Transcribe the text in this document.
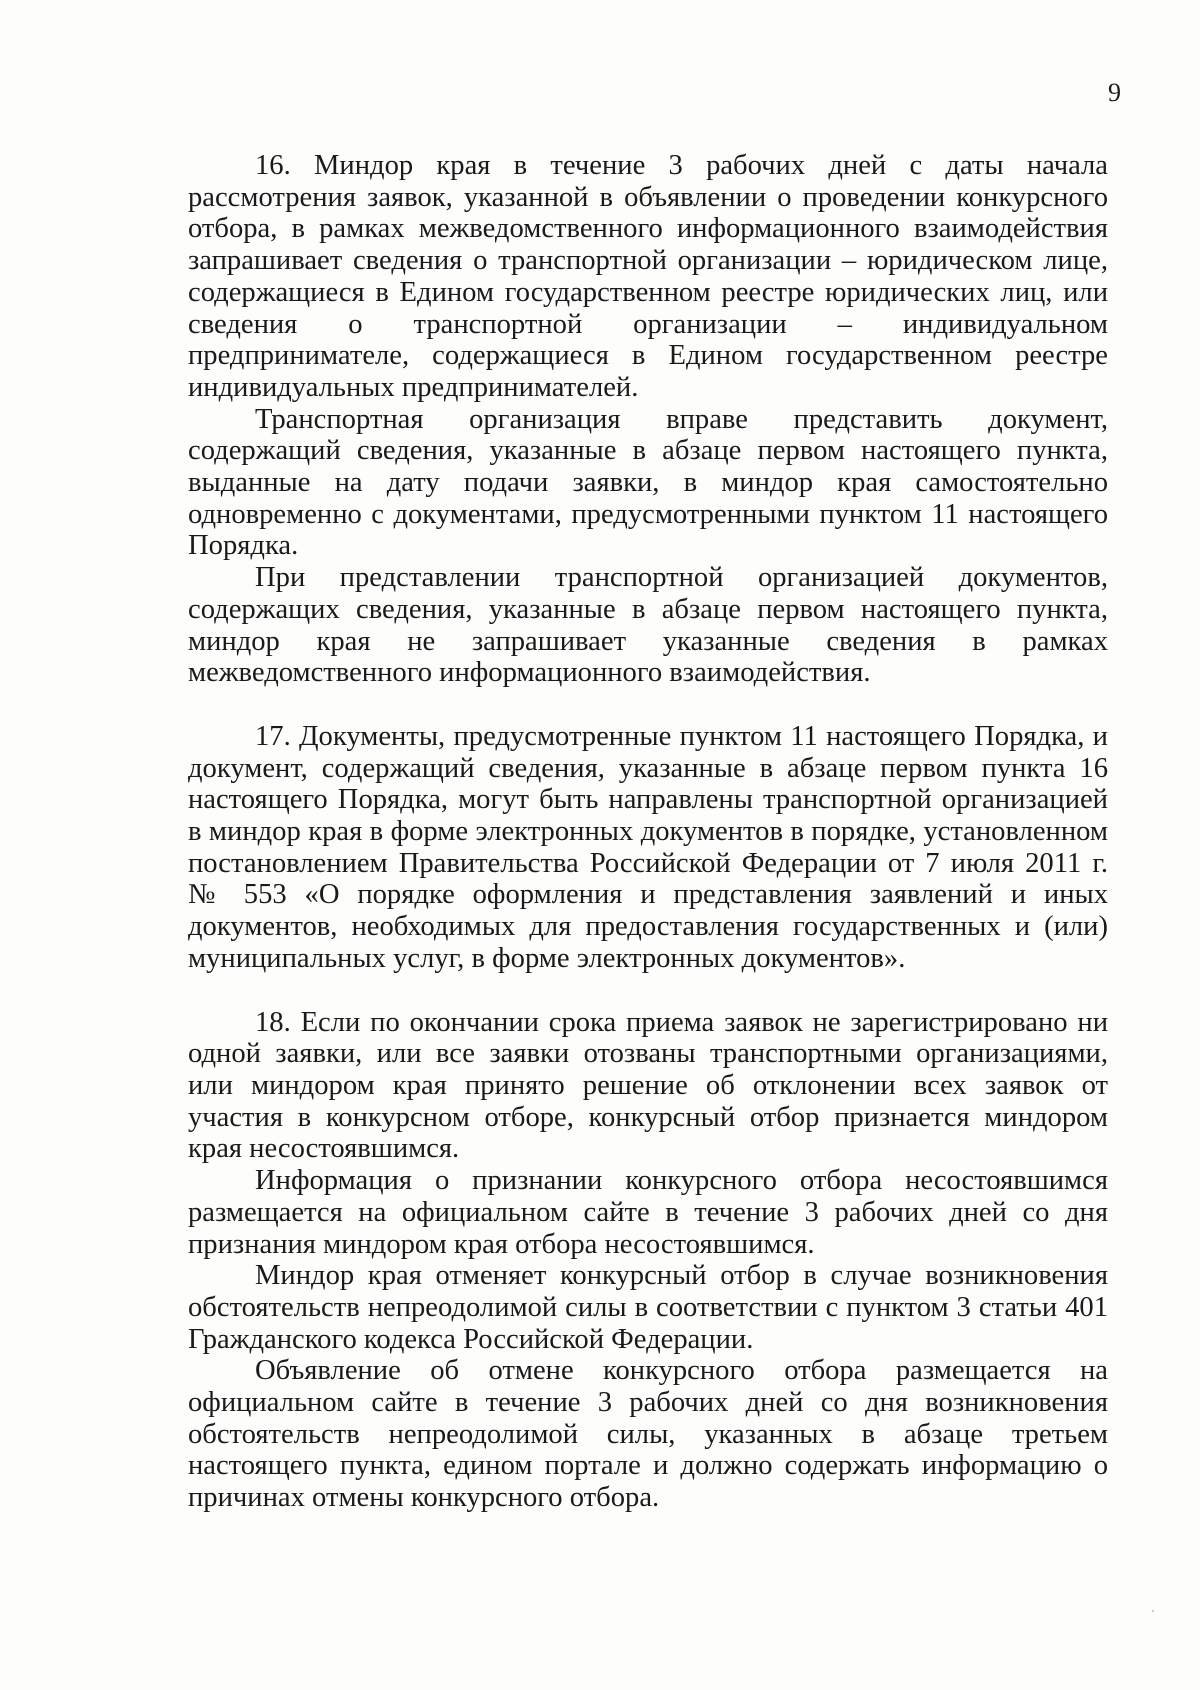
9

16. Миндор края в течение 3 рабочих дней с даты начала рассмотрения заявок, указанной в объявлении о проведении конкурсного отбора, в рамках межведомственного информационного взаимодействия запрашивает сведения о транспортной организации – юридическом лице, содержащиеся в Едином государственном реестре юридических лиц, или сведения о транспортной организации – индивидуальном предпринимателе, содержащиеся в Едином государственном реестре индивидуальных предпринимателей.

Транспортная организация вправе представить документ, содержащий сведения, указанные в абзаце первом настоящего пункта, выданные на дату подачи заявки, в миндор края самостоятельно одновременно с документами, предусмотренными пунктом 11 настоящего Порядка.

При представлении транспортной организацией документов, содержащих сведения, указанные в абзаце первом настоящего пункта, миндор края не запрашивает указанные сведения в рамках межведомственного информационного взаимодействия.

17. Документы, предусмотренные пунктом 11 настоящего Порядка, и документ, содержащий сведения, указанные в абзаце первом пункта 16 настоящего Порядка, могут быть направлены транспортной организацией в миндор края в форме электронных документов в порядке, установленном постановлением Правительства Российской Федерации от 7 июля 2011 г. № 553 «О порядке оформления и представления заявлений и иных документов, необходимых для предоставления государственных и (или) муниципальных услуг, в форме электронных документов».

18. Если по окончании срока приема заявок не зарегистрировано ни одной заявки, или все заявки отозваны транспортными организациями, или миндором края принято решение об отклонении всех заявок от участия в конкурсном отборе, конкурсный отбор признается миндором края несостоявшимся.

Информация о признании конкурсного отбора несостоявшимся размещается на официальном сайте в течение 3 рабочих дней со дня признания миндором края отбора несостоявшимся.

Миндор края отменяет конкурсный отбор в случае возникновения обстоятельств непреодолимой силы в соответствии с пунктом 3 статьи 401 Гражданского кодекса Российской Федерации.

Объявление об отмене конкурсного отбора размещается на официальном сайте в течение 3 рабочих дней со дня возникновения обстоятельств непреодолимой силы, указанных в абзаце третьем настоящего пункта, едином портале и должно содержать информацию о причинах отмены конкурсного отбора.
